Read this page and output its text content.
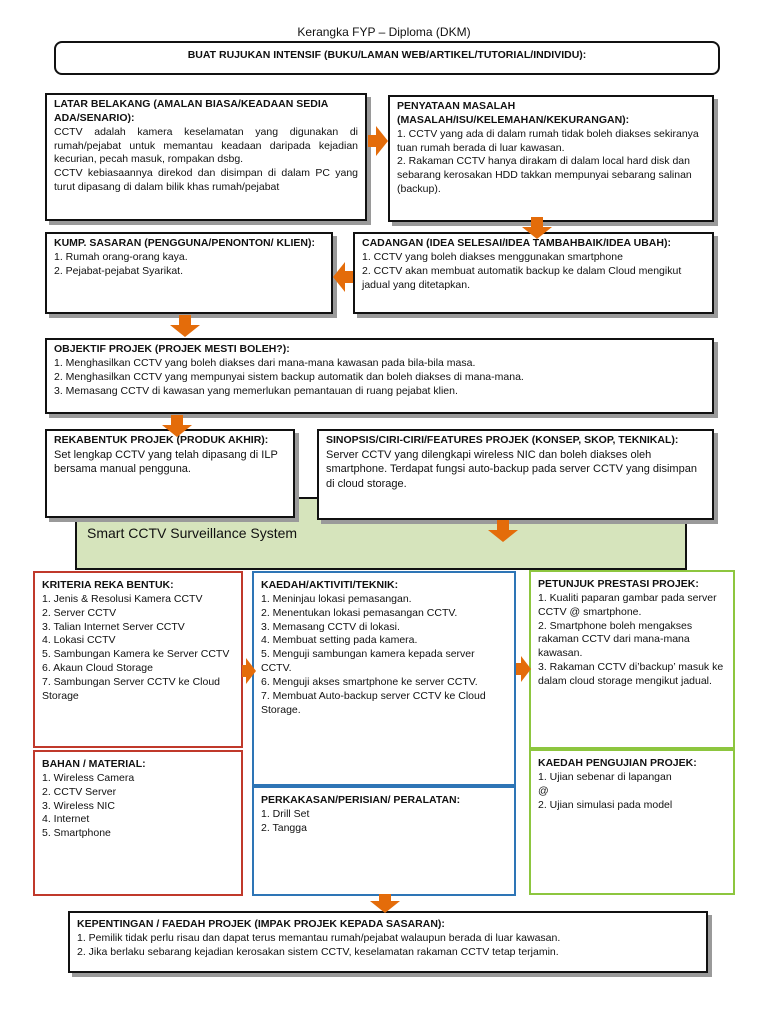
Kerangka FYP – Diploma (DKM)
BUAT RUJUKAN INTENSIF (BUKU/LAMAN WEB/ARTIKEL/TUTORIAL/INDIVIDU):
LATAR BELAKANG (AMALAN BIASA/KEADAAN SEDIA ADA/SENARIO):
CCTV adalah kamera keselamatan yang digunakan di rumah/pejabat untuk memantau keadaan daripada kejadian kecurian, pecah masuk, rompakan dsbg.
CCTV kebiasaannya direkod dan disimpan di dalam PC yang turut dipasang di dalam bilik khas rumah/pejabat
PENYATAAN MASALAH (MASALAH/ISU/KELEMAHAN/KEKURANGAN):
1. CCTV yang ada di dalam rumah tidak boleh diakses sekiranya tuan rumah berada di luar kawasan.
2. Rakaman CCTV hanya dirakam di dalam local hard disk dan sebarang kerosakan HDD takkan mempunyai sebarang salinan (backup).
KUMP. SASARAN (PENGGUNA/PENONTON/ KLIEN):
1. Rumah orang-orang kaya.
2. Pejabat-pejabat Syarikat.
CADANGAN (IDEA SELESAI/IDEA TAMBAHBAIK/IDEA UBAH):
1. CCTV yang boleh diakses menggunakan smartphone
2. CCTV akan membuat automatik backup ke dalam Cloud mengikut jadual yang ditetapkan.
OBJEKTIF PROJEK (PROJEK MESTI BOLEH?):
1. Menghasilkan CCTV yang boleh diakses dari mana-mana kawasan pada bila-bila masa.
2. Menghasilkan CCTV yang mempunyai sistem backup automatik dan boleh diakses di mana-mana.
3. Memasang CCTV di kawasan yang memerlukan pemantauan di ruang pejabat klien.
Smart CCTV Surveillance System
REKABENTUK PROJEK (PRODUK AKHIR):
Set lengkap CCTV yang telah dipasang di ILP bersama manual pengguna.
SINOPSIS/CIRI-CIRI/FEATURES PROJEK (KONSEP, SKOP, TEKNIKAL):
Server CCTV yang dilengkapi wireless NIC dan boleh diakses oleh smartphone. Terdapat fungsi auto-backup pada server CCTV yang disimpan di cloud storage.
KRITERIA REKA BENTUK:
1. Jenis & Resolusi Kamera CCTV
2. Server CCTV
3. Talian Internet Server CCTV
4. Lokasi CCTV
5. Sambungan Kamera ke Server CCTV
6. Akaun Cloud Storage
7. Sambungan Server CCTV ke Cloud Storage
KAEDAH/AKTIVITI/TEKNIK:
1. Meninjau lokasi pemasangan.
2. Menentukan lokasi pemasangan CCTV.
3. Memasang CCTV di lokasi.
4. Membuat setting pada kamera.
5. Menguji sambungan kamera kepada server CCTV.
6. Menguji akses smartphone ke server CCTV.
7. Membuat Auto-backup server CCTV ke Cloud Storage.
PETUNJUK PRESTASI PROJEK:
1. Kualiti paparan gambar pada server CCTV @ smartphone.
2. Smartphone boleh mengakses rakaman CCTV dari mana-mana kawasan.
3. Rakaman CCTV di’backup’ masuk ke dalam cloud storage mengikut jadual.
BAHAN / MATERIAL:
1. Wireless Camera
2. CCTV Server
3. Wireless NIC
4. Internet
5. Smartphone
PERKAKASAN/PERISIAN/ PERALATAN:
1. Drill Set
2. Tangga
KAEDAH PENGUJIAN PROJEK:
1. Ujian sebenar di lapangan
@
2. Ujian simulasi pada model
KEPENTINGAN / FAEDAH PROJEK (IMPAK PROJEK KEPADA SASARAN):
1. Pemilik tidak perlu risau dan dapat terus memantau rumah/pejabat walaupun berada di luar kawasan.
2. Jika berlaku sebarang kejadian kerosakan sistem CCTV, keselamatan rakaman CCTV tetap terjamin.
